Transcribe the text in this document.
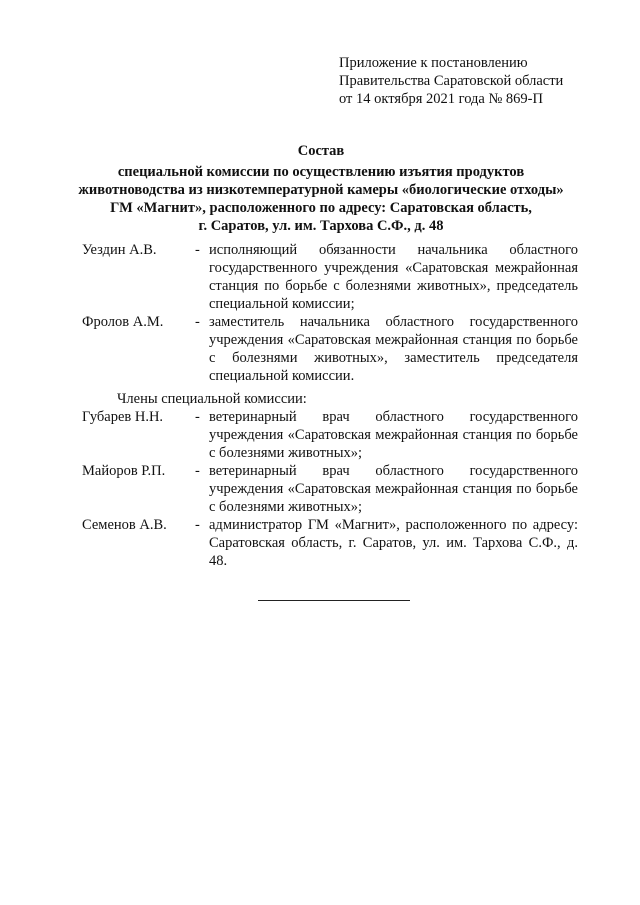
Приложение к постановлению
Правительства Саратовской области
от 14 октября 2021 года № 869-П
Состав
специальной комиссии по осуществлению изъятия продуктов
животноводства из низкотемпературной камеры «биологические отходы»
ГМ «Магнит», расположенного по адресу: Саратовская область,
г. Саратов, ул. им. Тархова С.Ф., д. 48
Уездин А.В.	- исполняющий обязанности начальника областного государственного учреждения «Саратовская межрайонная станция по борьбе с болезнями животных», председатель специальной комиссии;
Фролов А.М. - заместитель начальника областного государственного учреждения «Саратовская межрайонная станция по борьбе с болезнями животных», заместитель председателя специальной комиссии.
Члены специальной комиссии:
Губарев Н.Н. - ветеринарный врач областного государственного учреждения «Саратовская межрайонная станция по борьбе с болезнями животных»;
Майоров Р.П. - ветеринарный врач областного государственного учреждения «Саратовская межрайонная станция по борьбе с болезнями животных»;
Семенов А.В. - администратор ГМ «Магнит», расположенного по адресу: Саратовская область, г. Саратов, ул. им. Тархова С.Ф., д. 48.
